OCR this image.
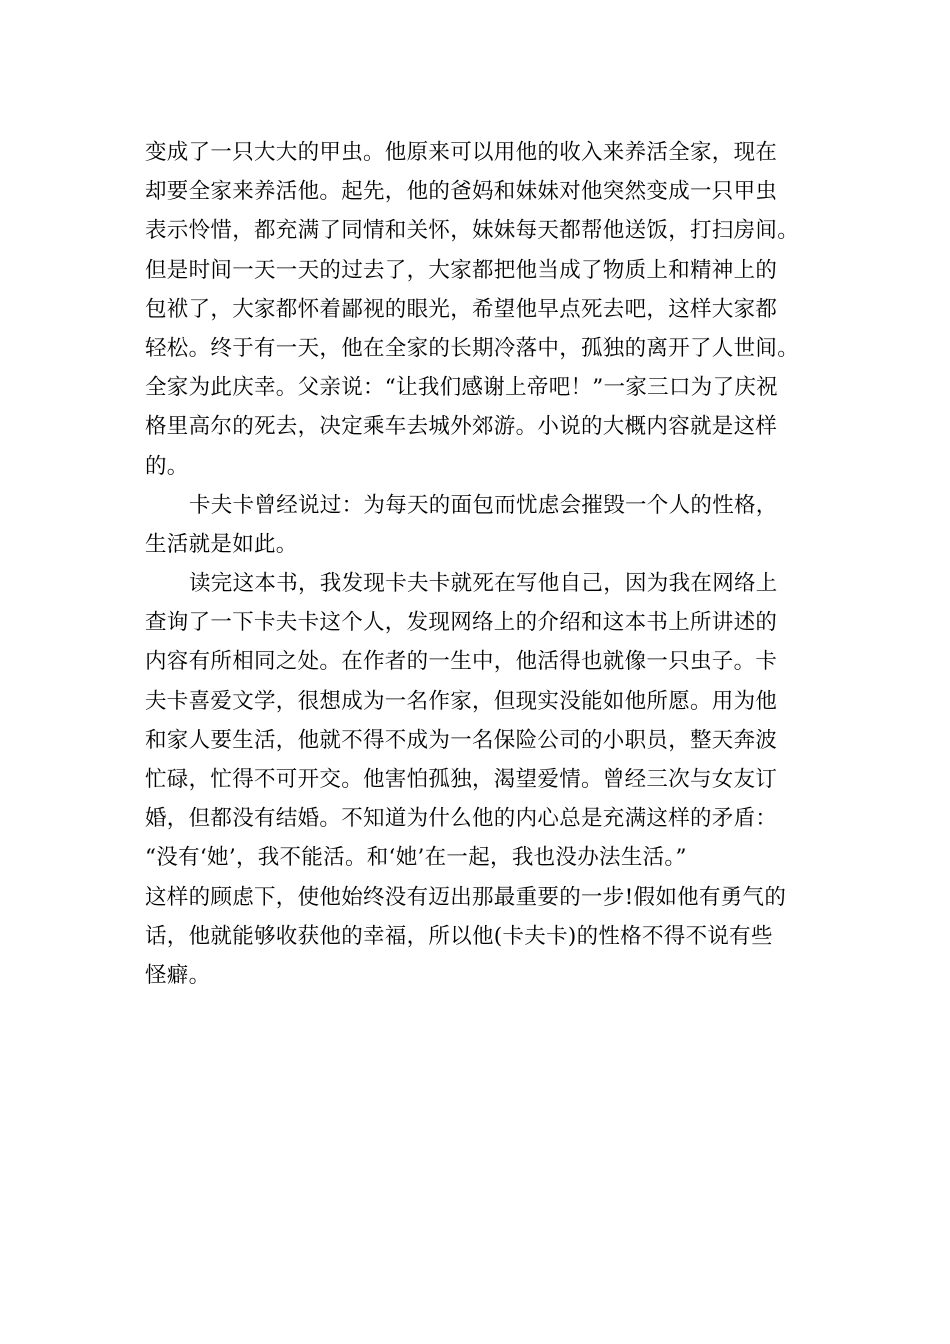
变成了一只大大的甲虫。他原来可以用他的收入来养活全家，现在
却要全家来养活他。起先，他的爸妈和妹妹对他突然变成一只甲虫
表示怜惜，都充满了同情和关怀，妹妹每天都帮他送饭，打扫房间。
但是时间一天一天的过去了，大家都把他当成了物质上和精神上的
包袱了，大家都怀着鄙视的眼光，希望他早点死去吧，这样大家都
轻松。终于有一天，他在全家的长期冷落中，孤独的离开了人世间。
全家为此庆幸。父亲说：“让我们感谢上帝吧！”一家三口为了庆祝
格里高尔的死去，决定乘车去城外郊游。小说的大概内容就是这样
的。
卡夫卡曾经说过：为每天的面包而忧虑会摧毁一个人的性格，
生活就是如此。
读完这本书，我发现卡夫卡就死在写他自己，因为我在网络上
查询了一下卡夫卡这个人，发现网络上的介绍和这本书上所讲述的
内容有所相同之处。在作者的一生中，他活得也就像一只虫子。卡
夫卡喜爱文学，很想成为一名作家，但现实没能如他所愿。用为他
和家人要生活，他就不得不成为一名保险公司的小职员，整天奔波
忙碌，忙得不可开交。他害怕孤独，渴望爱情。曾经三次与女友订
婚，但都没有结婚。不知道为什么他的内心总是充满这样的矛盾：
“没有‘她’，我不能活。和‘她’在一起，我也没办法生活。”
这样的顾虑下，使他始终没有迈出那最重要的一步!假如他有勇气的
话，他就能够收获他的幸福，所以他(卡夫卡)的性格不得不说有些
怪癖。
